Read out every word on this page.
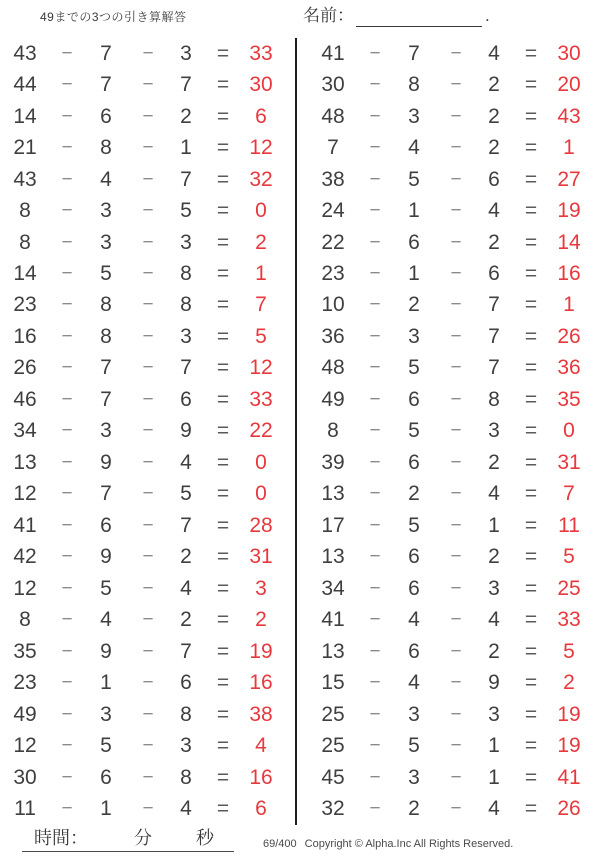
49までの3つの引き算解答	名前：	.
43	−	7	−	3	= 33
44	−	7	−	7	= 30
14	−	6	−	2	=	6
21	−	8	−	1	= 12
43	−	4	−	7	= 32
8	−	3	−	5	=	0
8	−	3	−	3	=	2
14	−	5	−	8	=	1
23	−	8	−	8	=	7
16	−	8	−	3	=	5
26	−	7	−	7	= 12
46	−	7	−	6	= 33
34	−	3	−	9	= 22
13	−	9	−	4	=	0
12	−	7	−	5	=	0
41	−	6	−	7	= 28
42	−	9	−	2	= 31
12	−	5	−	4	=	3
8	−	4	−	2	=	2
35	−	9	−	7	= 19
23	−	1	−	6	= 16
49	−	3	−	8	= 38
12	−	5	−	3	=	4
30	−	6	−	8	= 16
11	−	1	−	4	=	6
41	−	7	−	4	= 30
30	−	8	−	2	= 20
48	−	3	−	2	= 43
7	−	4	−	2	=	1
38	−	5	−	6	= 27
24	−	1	−	4	= 19
22	−	6	−	2	= 14
23	−	1	−	6	= 16
10	−	2	−	7	=	1
36	−	3	−	7	= 26
48	−	5	−	7	= 36
49	−	6	−	8	= 35
8	−	5	−	3	=	0
39	−	6	−	2	= 31
13	−	2	−	4	=	7
17	−	5	−	1	= 11
13	−	6	−	2	=	5
34	−	6	−	3	= 25
41	−	4	−	4	= 33
13	−	6	−	2	=	5
15	−	4	−	9	=	2
25	−	3	−	3	= 19
25	−	5	−	1	= 19
45	−	3	−	1	= 41
32	−	2	−	4	= 26
時間：	分 秒	69/400 Copyright © Alpha.Inc All Rights Reserved.
